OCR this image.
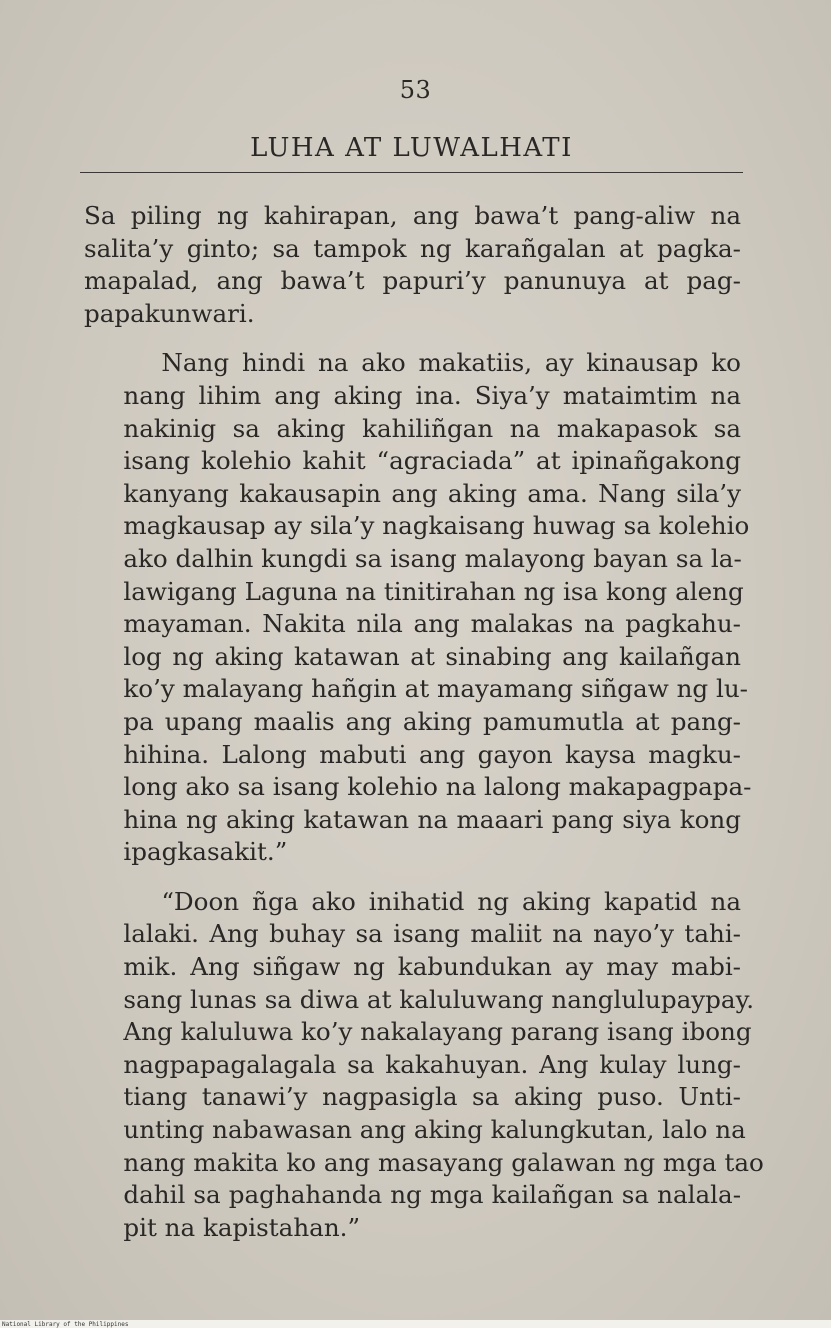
53
LUHA AT LUWALHATI
Sa piling ng kahirapan, ang bawa’t pang-aliw na
salita’y ginto; sa tampok ng karañgalan at pagka-
mapalad, ang bawa’t papuri’y panunuya at pag-
papakunwari.
Nang hindi na ako makatiis, ay kinausap ko
nang lihim ang aking ina. Siya’y mataimtim na
nakinig sa aking kahiliñgan na makapasok sa
isang kolehio kahit “agraciada” at ipinañgakong
kanyang kakausapin ang aking ama. Nang sila’y
magkausap ay sila’y nagkaisang huwag sa kolehio
ako dalhin kungdi sa isang malayong bayan sa la-
lawigang Laguna na tinitirahan ng isa kong aleng
mayaman. Nakita nila ang malakas na pagkahu-
log ng aking katawan at sinabing ang kailañgan
ko’y malayang hañgin at mayamang siñgaw ng lu-
pa upang maalis ang aking pamumutla at pang-
hihina. Lalong mabuti ang gayon kaysa magku-
long ako sa isang kolehio na lalong makapagpapa-
hina ng aking katawan na maaari pang siya kong
ipagkasakit.”
“Doon ñga ako inihatid ng aking kapatid na
lalaki. Ang buhay sa isang maliit na nayo’y tahi-
mik. Ang siñgaw ng kabundukan ay may mabi-
sang lunas sa diwa at kaluluwang nanglulupaypay.
Ang kaluluwa ko’y nakalayang parang isang ibong
nagpapagalagala sa kakahuyan. Ang kulay lung-
tiang tanawi’y nagpasigla sa aking puso. Unti-
unting nabawasan ang aking kalungkutan, lalo na
nang makita ko ang masayang galawan ng mga tao
dahil sa paghahanda ng mga kailañgan sa nalala-
pit na kapistahan.”
National Library of the Philippines
